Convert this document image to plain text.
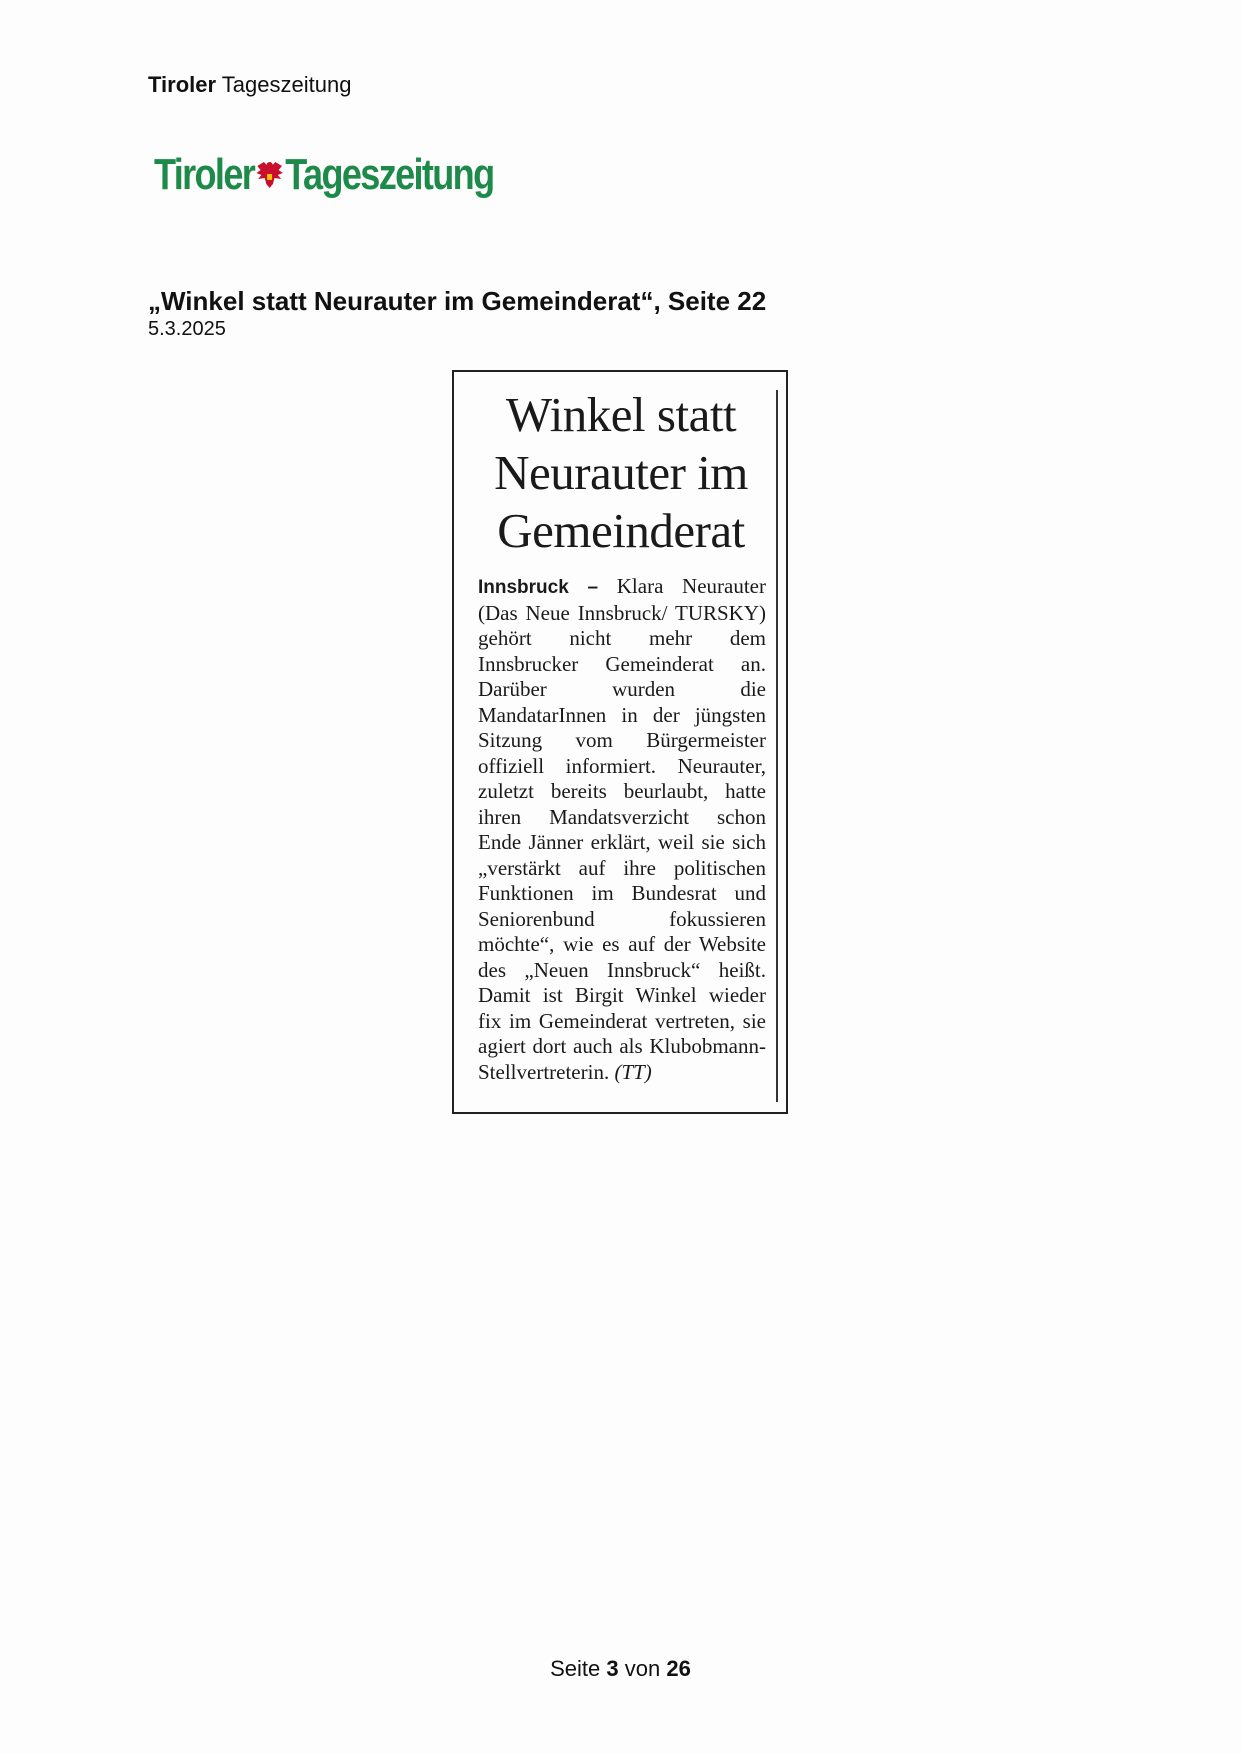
Tiroler Tageszeitung
Tiroler Tageszeitung
„Winkel statt Neurauter im Gemeinderat“, Seite 22
5.3.2025
Winkel statt Neurauter im Gemeinderat
Innsbruck – Klara Neurauter (Das Neue Innsbruck/ TURSKY) gehört nicht mehr dem Innsbrucker Gemeinderat an. Darüber wurden die MandatarInnen in der jüngsten Sitzung vom Bürgermeister offiziell informiert. Neurauter, zuletzt bereits beurlaubt, hatte ihren Mandatsverzicht schon Ende Jänner erklärt, weil sie sich „verstärkt auf ihre politischen Funktionen im Bundesrat und Seniorenbund fokussieren möchte“, wie es auf der Website des „Neuen Innsbruck“ heißt. Damit ist Birgit Winkel wieder fix im Gemeinderat vertreten, sie agiert dort auch als Klubobmann-Stellvertreterin. (TT)
Seite 3 von 26
